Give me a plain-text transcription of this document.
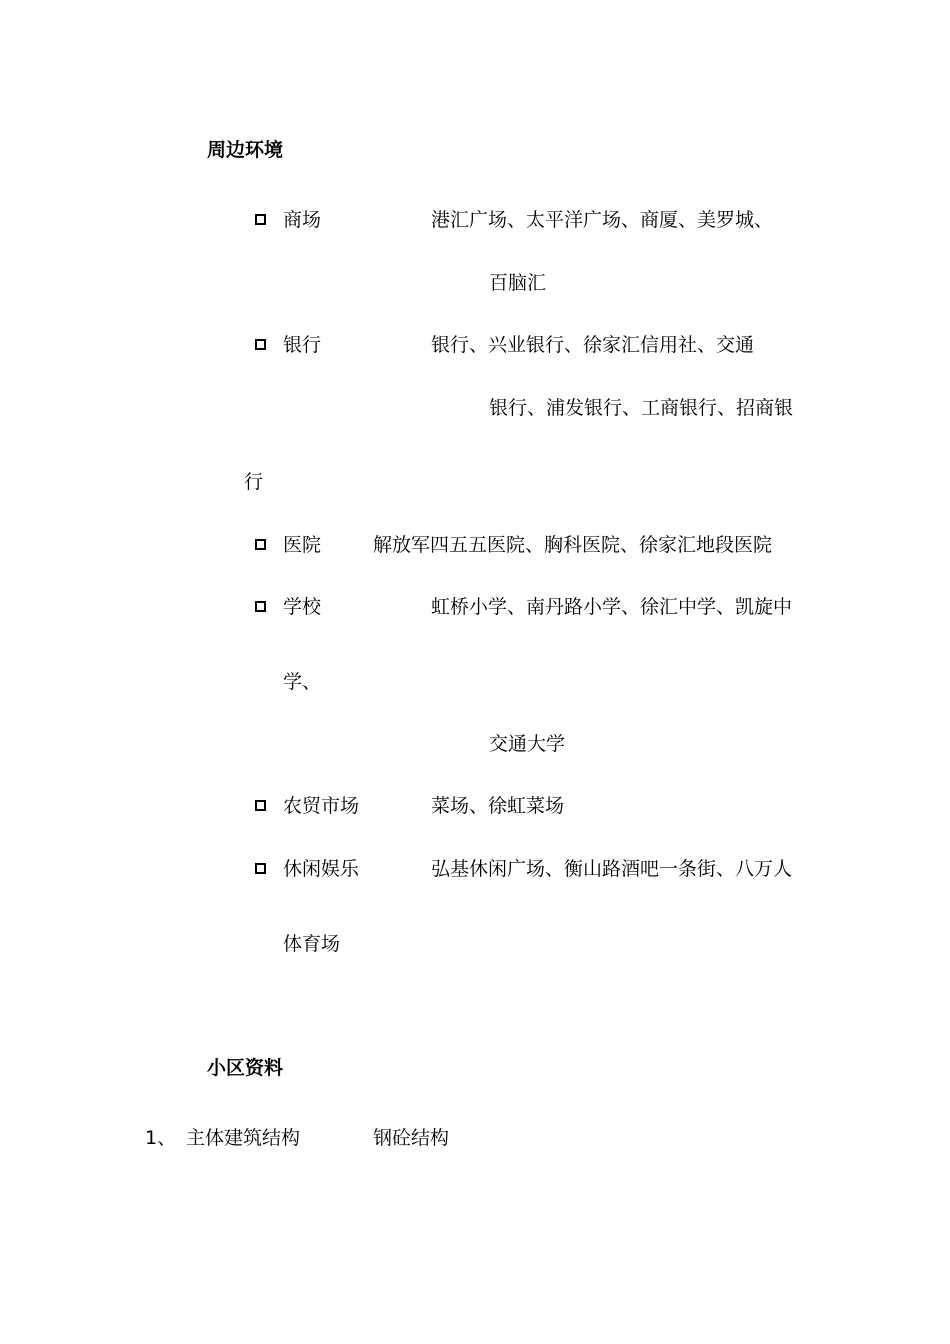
周边环境
商场	港汇广场、太平洋广场、商厦、美罗城、
百脑汇
银行	银行、兴业银行、徐家汇信用社、交通
银行、浦发银行、工商银行、招商银
行
医院	解放军四五五医院、胸科医院、徐家汇地段医院
学校	虹桥小学、南丹路小学、徐汇中学、凯旋中
学、
交通大学
农贸市场	菜场、徐虹菜场
休闲娱乐	弘基休闲广场、衡山路酒吧一条街、八万人
体育场
小区资料
1、 主体建筑结构	钢砼结构
